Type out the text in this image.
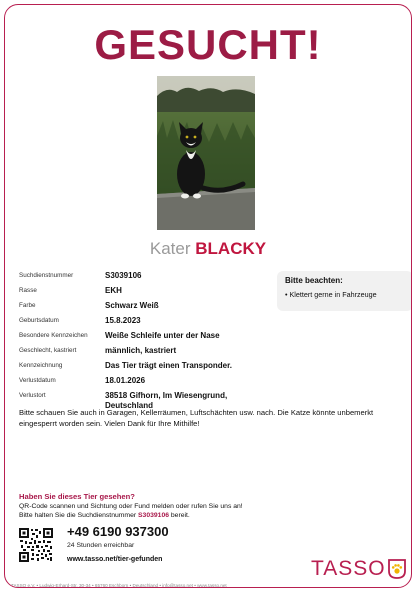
GESUCHT!
Kater BLACKY
Suchdienstnummer	S3039106
Rasse	EKH
Farbe	Schwarz Weiß
Geburtsdatum	15.8.2023
Besondere Kennzeichen	Weiße Schleife unter der Nase
Geschlecht, kastriert	männlich, kastriert
Kennzeichnung	Das Tier trägt einen Transponder.
Verlustdatum	18.01.2026
Verlustort	38518 Gifhorn, Im Wiesengrund, Deutschland
Bitte beachten:
• Klettert gerne in Fahrzeuge
Bitte schauen Sie auch in Garagen, Kellerräumen, Luftschächten usw. nach. Die Katze könnte unbemerkt eingesperrt worden sein. Vielen Dank für Ihre Mithilfe!
Haben Sie dieses Tier gesehen?
QR-Code scannen und Sichtung oder Fund melden oder rufen Sie uns an!
Bitte halten Sie die Suchdienstnummer S3039106 bereit.
+49 6190 937300
24 Stunden erreichbar
www.tasso.net/tier-gefunden	TASSO
TASSO e.V. • Ludwig-Erhard-Str. 30-34 • 65760 Eschborn • Deutschland • info@tasso.net • www.tasso.net
